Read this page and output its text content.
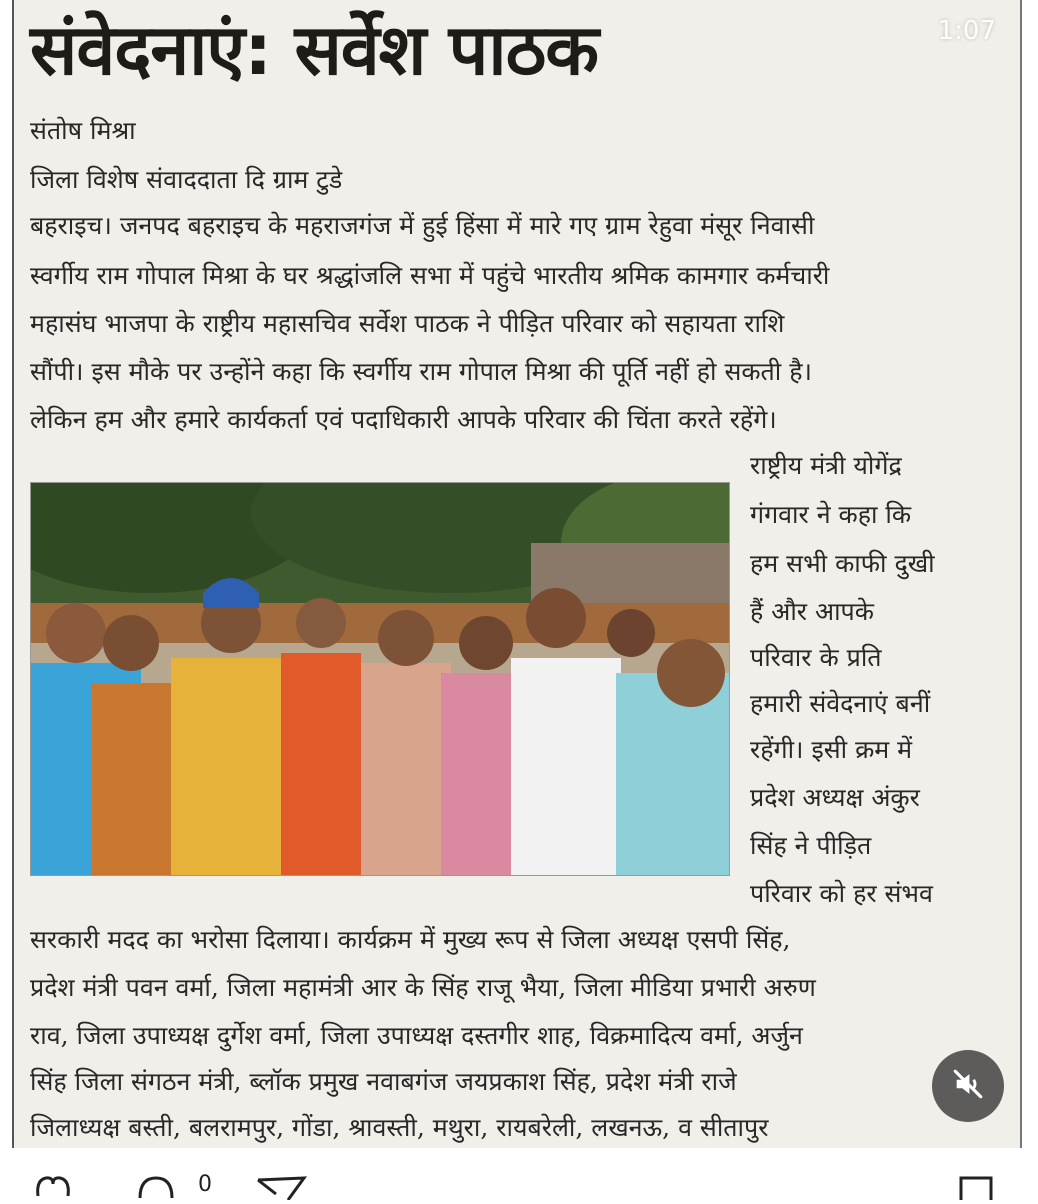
संवेदनाएं: सर्वेश पाठक	1:07
संतोष मिश्रा
जिला विशेष संवाददाता दि ग्राम टुडे
बहराइच। जनपद बहराइच के महराजगंज में हुई हिंसा में मारे गए ग्राम रेहुवा मंसूर निवासी
स्वर्गीय राम गोपाल मिश्रा के घर श्रद्धांजलि सभा में पहुंचे भारतीय श्रमिक कामगार कर्मचारी
महासंघ भाजपा के राष्ट्रीय महासचिव सर्वेश पाठक ने पीड़ित परिवार को सहायता राशि
सौंपी। इस मौके पर उन्होंने कहा कि स्वर्गीय राम गोपाल मिश्रा की पूर्ति नहीं हो सकती है।
लेकिन हम और हमारे कार्यकर्ता एवं पदाधिकारी आपके परिवार की चिंता करते रहेंगे।
राष्ट्रीय मंत्री योगेंद्र
गंगवार ने कहा कि
हम सभी काफी दुखी
हैं और आपके
परिवार के प्रति
हमारी संवेदनाएं बनीं
रहेंगी। इसी क्रम में
प्रदेश अध्यक्ष अंकुर
सिंह ने पीड़ित
परिवार को हर संभव
सरकारी मदद का भरोसा दिलाया। कार्यक्रम में मुख्य रूप से जिला अध्यक्ष एसपी सिंह,
प्रदेश मंत्री पवन वर्मा, जिला महामंत्री आर के सिंह राजू भैया, जिला मीडिया प्रभारी अरुण
राव, जिला उपाध्यक्ष दुर्गेश वर्मा, जिला उपाध्यक्ष दस्तगीर शाह, विक्रमादित्य वर्मा, अर्जुन
सिंह जिला संगठन मंत्री, ब्लॉक प्रमुख नवाबगंज जयप्रकाश सिंह, प्रदेश मंत्री राजे
जिलाध्यक्ष बस्ती, बलरामपुर, गोंडा, श्रावस्ती, मथुरा, रायबरेली, लखनऊ, व सीतापुर
0
